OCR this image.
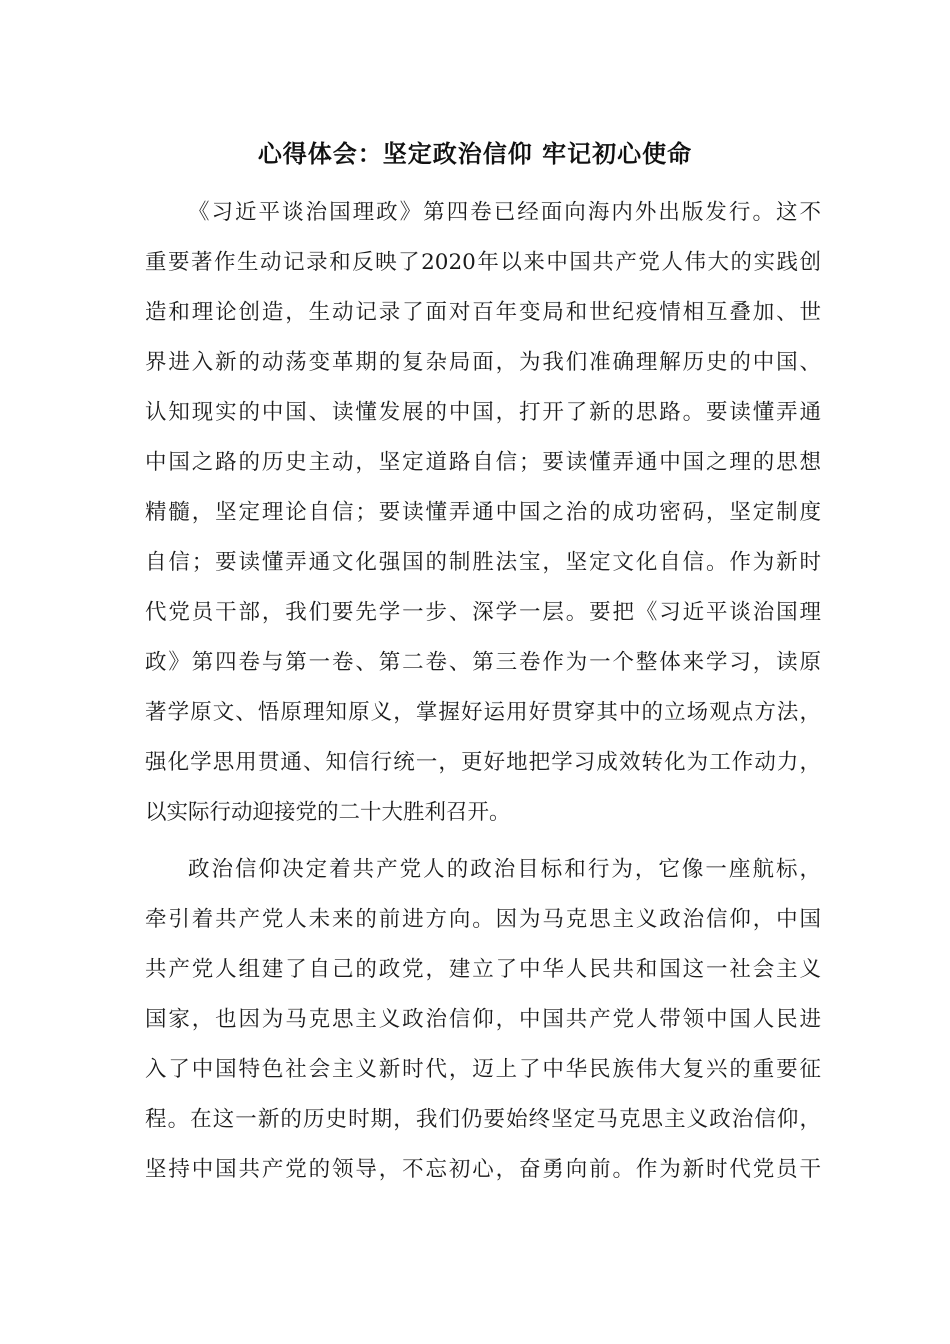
心得体会：坚定政治信仰 牢记初心使命
《习近平谈治国理政》第四卷已经面向海内外出版发行。这不
重要著作生动记录和反映了2020年以来中国共产党人伟大的实践创
造和理论创造，生动记录了面对百年变局和世纪疫情相互叠加、世
界进入新的动荡变革期的复杂局面，为我们准确理解历史的中国、
认知现实的中国、读懂发展的中国，打开了新的思路。要读懂弄通
中国之路的历史主动，坚定道路自信；要读懂弄通中国之理的思想
精髓，坚定理论自信；要读懂弄通中国之治的成功密码，坚定制度
自信；要读懂弄通文化强国的制胜法宝，坚定文化自信。作为新时
代党员干部，我们要先学一步、深学一层。要把《习近平谈治国理
政》第四卷与第一卷、第二卷、第三卷作为一个整体来学习，读原
著学原文、悟原理知原义，掌握好运用好贯穿其中的立场观点方法，
强化学思用贯通、知信行统一，更好地把学习成效转化为工作动力，
以实际行动迎接党的二十大胜利召开。
政治信仰决定着共产党人的政治目标和行为，它像一座航标，
牵引着共产党人未来的前进方向。因为马克思主义政治信仰，中国
共产党人组建了自己的政党，建立了中华人民共和国这一社会主义
国家，也因为马克思主义政治信仰，中国共产党人带领中国人民进
入了中国特色社会主义新时代，迈上了中华民族伟大复兴的重要征
程。在这一新的历史时期，我们仍要始终坚定马克思主义政治信仰，
坚持中国共产党的领导，不忘初心，奋勇向前。作为新时代党员干
